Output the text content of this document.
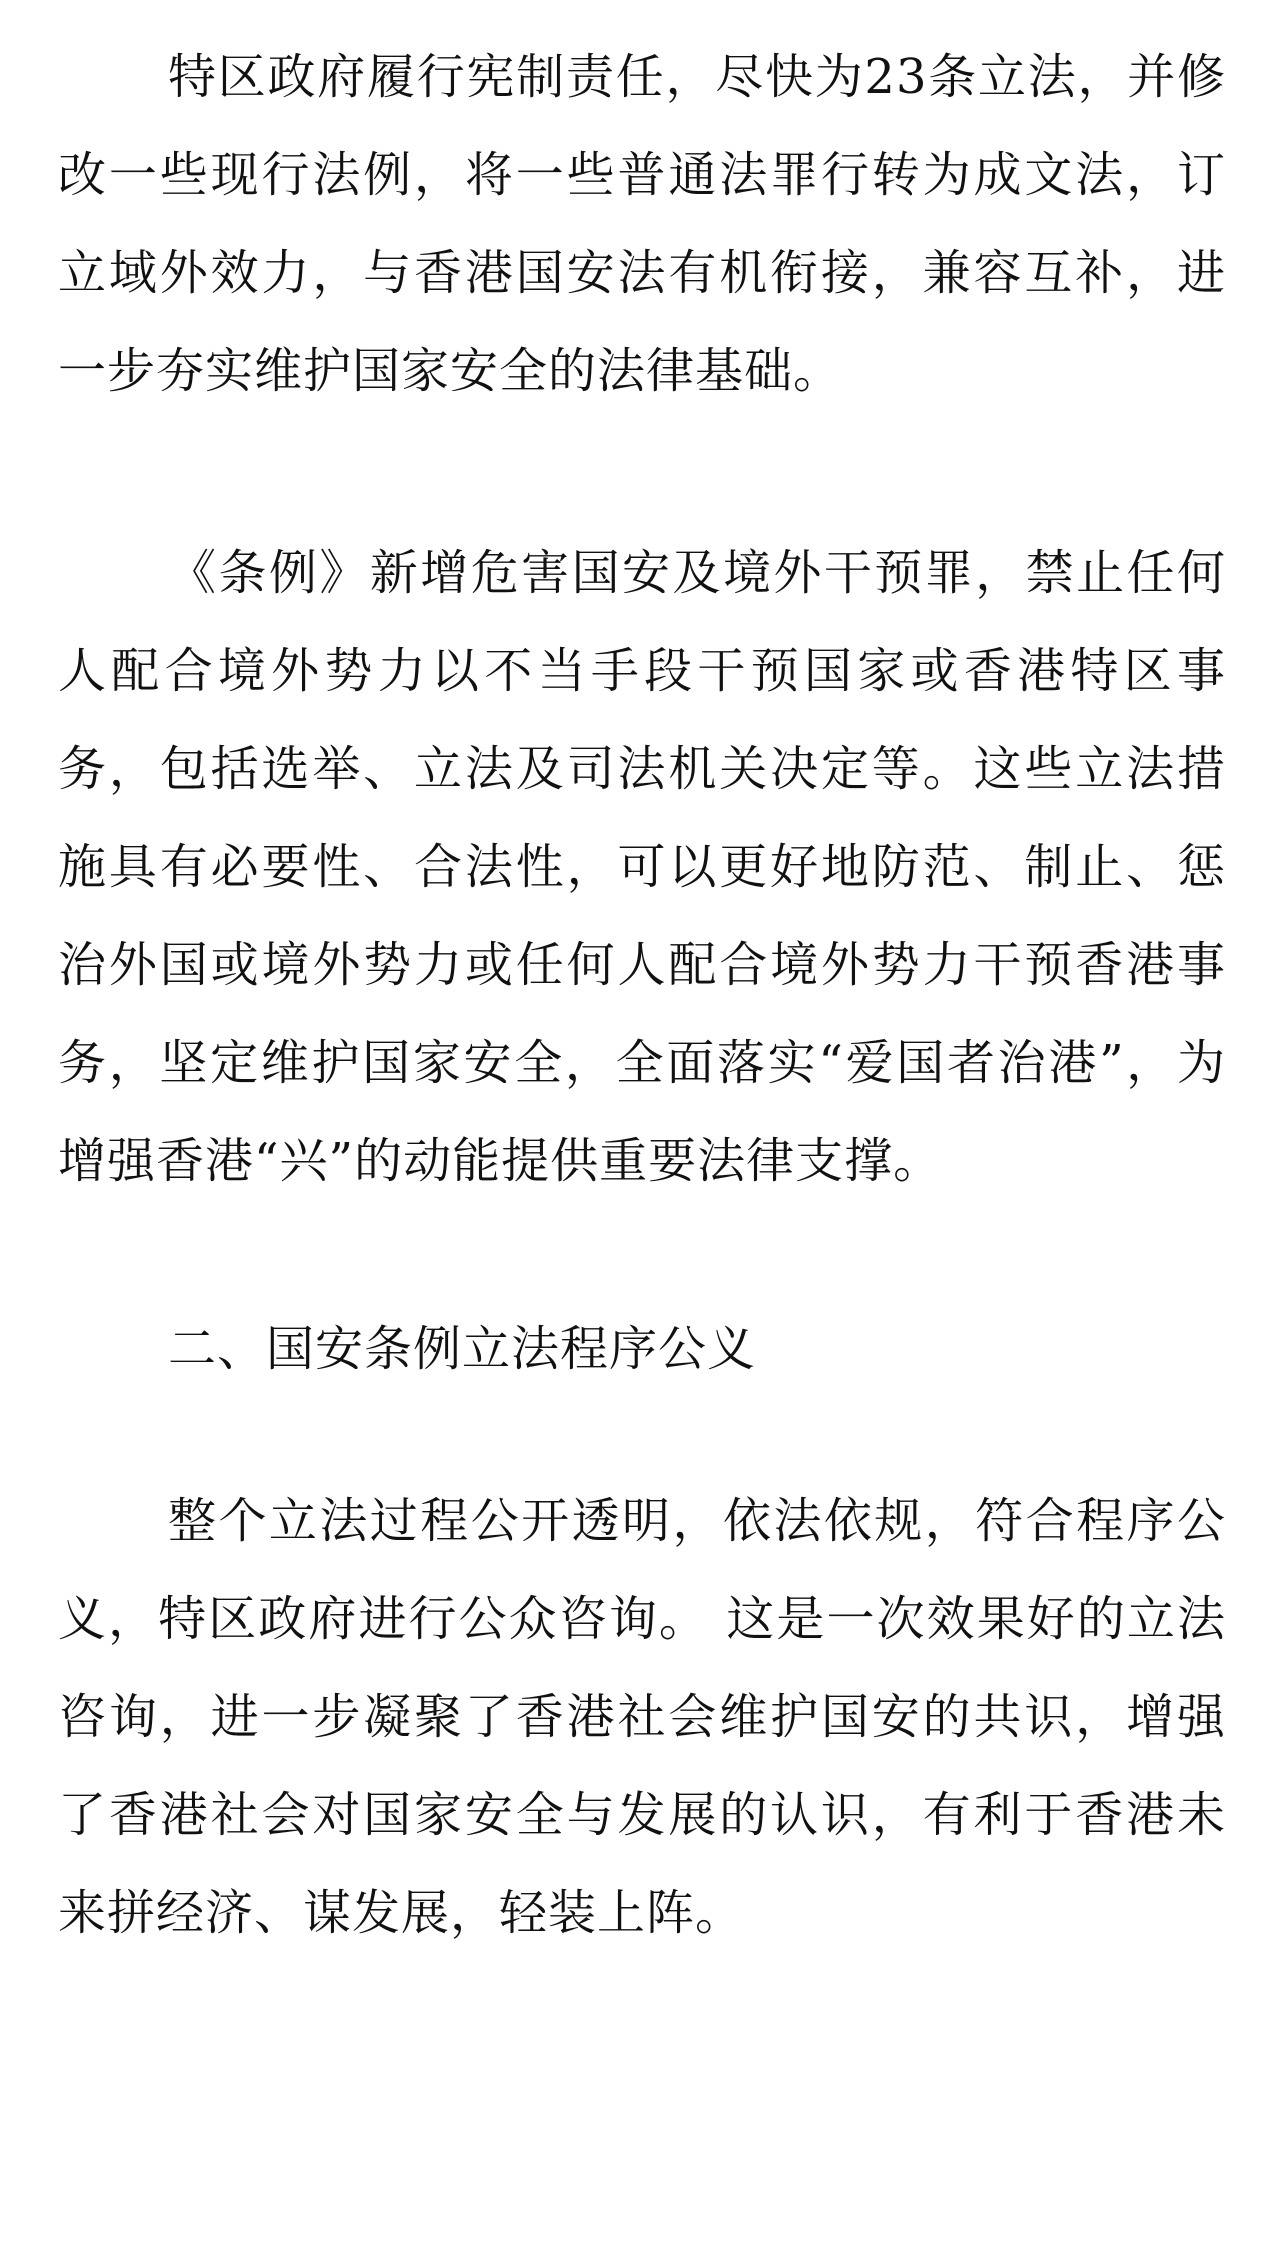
特区政府履行宪制责任，尽快为23条立法，并修改一些现行法例，将一些普通法罪行转为成文法，订立域外效力，与香港国安法有机衔接，兼容互补，进一步夯实维护国家安全的法律基础。

《条例》新增危害国安及境外干预罪，禁止任何人配合境外势力以不当手段干预国家或香港特区事务，包括选举、立法及司法机关决定等。这些立法措施具有必要性、合法性，可以更好地防范、制止、惩治外国或境外势力或任何人配合境外势力干预香港事务，坚定维护国家安全，全面落实“爱国者治港”，为增强香港“兴”的动能提供重要法律支撑。

二、国安条例立法程序公义

整个立法过程公开透明，依法依规，符合程序公义，特区政府进行公众咨询。 这是一次效果好的立法咨询，进一步凝聚了香港社会维护国安的共识，增强了香港社会对国家安全与发展的认识，有利于香港未来拼经济、谋发展，轻装上阵。
